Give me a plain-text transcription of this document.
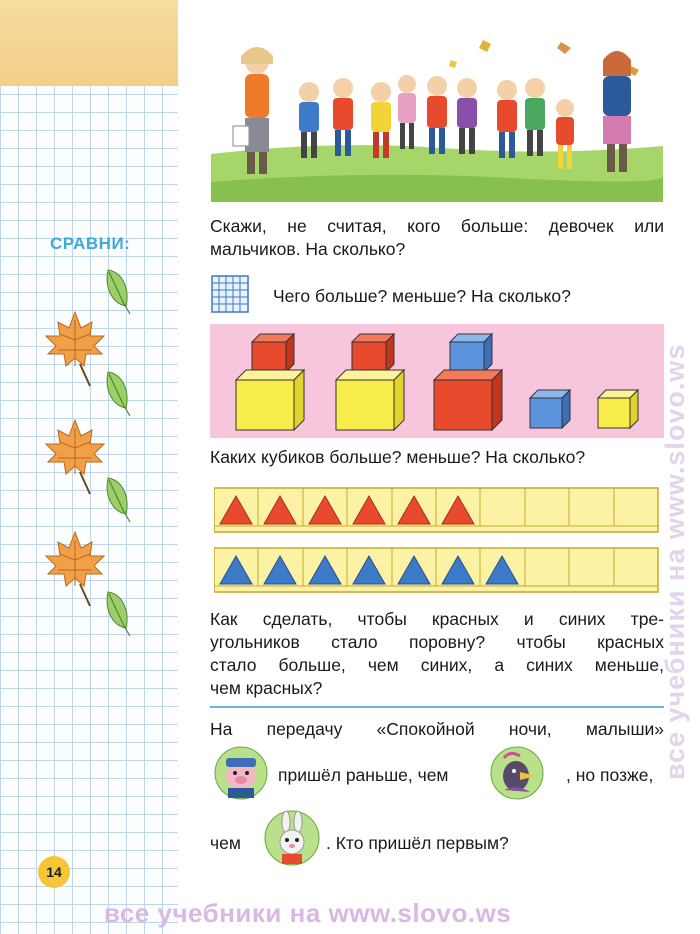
СРАВНИ:
14
Скажи, не считая, кого больше: девочек или
мальчиков. На сколько?
Чего больше? меньше? На сколько?
Каких кубиков больше? меньше? На сколько?
Как сделать, чтобы красных и синих тре-
угольников стало поровну? чтобы красных
стало больше, чем синих, а синих меньше,
чем красных?
На передачу «Спокойной ночи, малыши»
пришёл раньше, чем	, но позже,
чем	. Кто пришёл первым?
все учебники на www.slovo.ws
все учебники на www.slovo.ws
